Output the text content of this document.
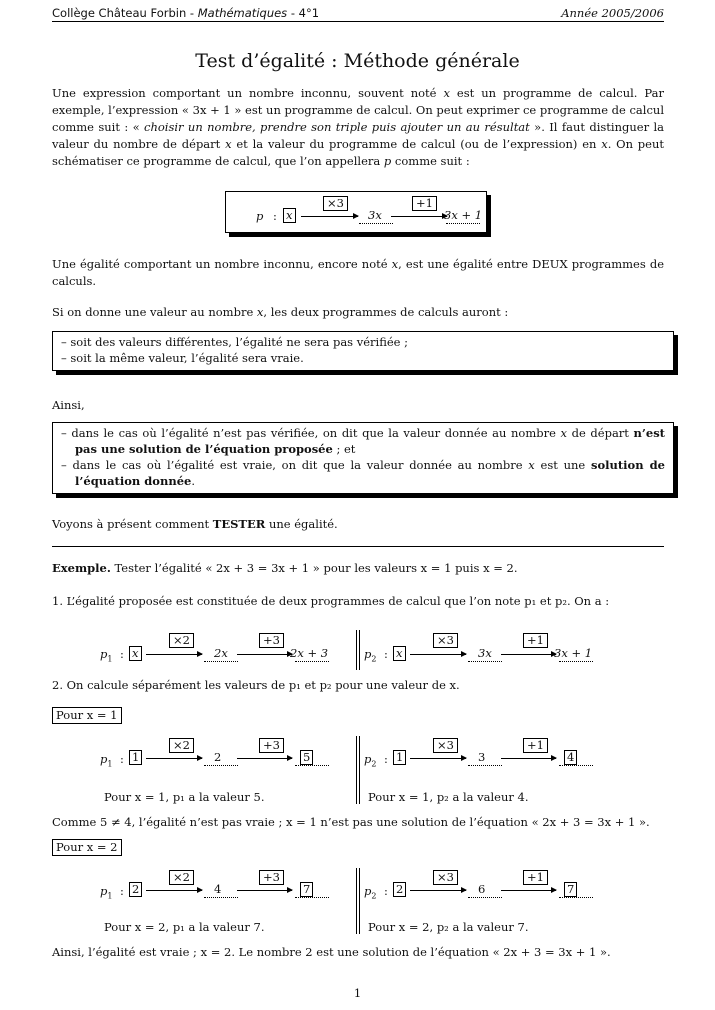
Collège Château Forbin - Mathématiques - 4°1	Année 2005/2006
Test d’égalité : Méthode générale
Une expression comportant un nombre inconnu, souvent noté x est un programme de calcul. Par exemple, l’expression « 3x + 1 » est un programme de calcul. On peut exprimer ce programme de calcul comme suit : « choisir un nombre, prendre son triple puis ajouter un au résultat ». Il faut distinguer la valeur du nombre de départ x et la valeur du programme de calcul (ou de l’expression) en x. On peut schématiser ce programme de calcul, que l’on appellera p comme suit :
p : x
×3
3x
+1
3x + 1
Une égalité comportant un nombre inconnu, encore noté x, est une égalité entre DEUX programmes de calculs.
Si on donne une valeur au nombre x, les deux programmes de calculs auront :
– soit des valeurs différentes, l’égalité ne sera pas vérifiée ;
– soit la même valeur, l’égalité sera vraie.
Ainsi,
– dans le cas où l’égalité n’est pas vérifiée, on dit que la valeur donnée au nombre x de départ n’est pas une solution de l’équation proposée ; et
– dans le cas où l’égalité est vraie, on dit que la valeur donnée au nombre x est une solution de l’équation donnée.
Voyons à présent comment TESTER une égalité.
Exemple. Tester l’égalité « 2x + 3 = 3x + 1 » pour les valeurs x = 1 puis x = 2.
1. L’égalité proposée est constituée de deux programmes de calcul que l’on note p₁ et p₂. On a :
$p_1$ : x
×2
2x
+3
2x + 3	$p_2$ : x
×3
3x
+1
3x + 1
2. On calcule séparément les valeurs de p₁ et p₂ pour une valeur de x.
Pour x = 1
$p_1$ : 1
×2
2
+3
5
Pour x = 1, p₁ a la valeur 5.
$p_2$ : 1
×3
3
+1
4
Pour x = 1, p₂ a la valeur 4.
Comme 5 ≠ 4, l’égalité n’est pas vraie ; x = 1 n’est pas une solution de l’équation « 2x + 3 = 3x + 1 ».
Pour x = 2
$p_1$ : 2
×2
4
+3
7
Pour x = 2, p₁ a la valeur 7.
$p_2$ : 2
×3
6
+1
7
Pour x = 2, p₂ a la valeur 7.
Ainsi, l’égalité est vraie ; x = 2. Le nombre 2 est une solution de l’équation « 2x + 3 = 3x + 1 ».
1
